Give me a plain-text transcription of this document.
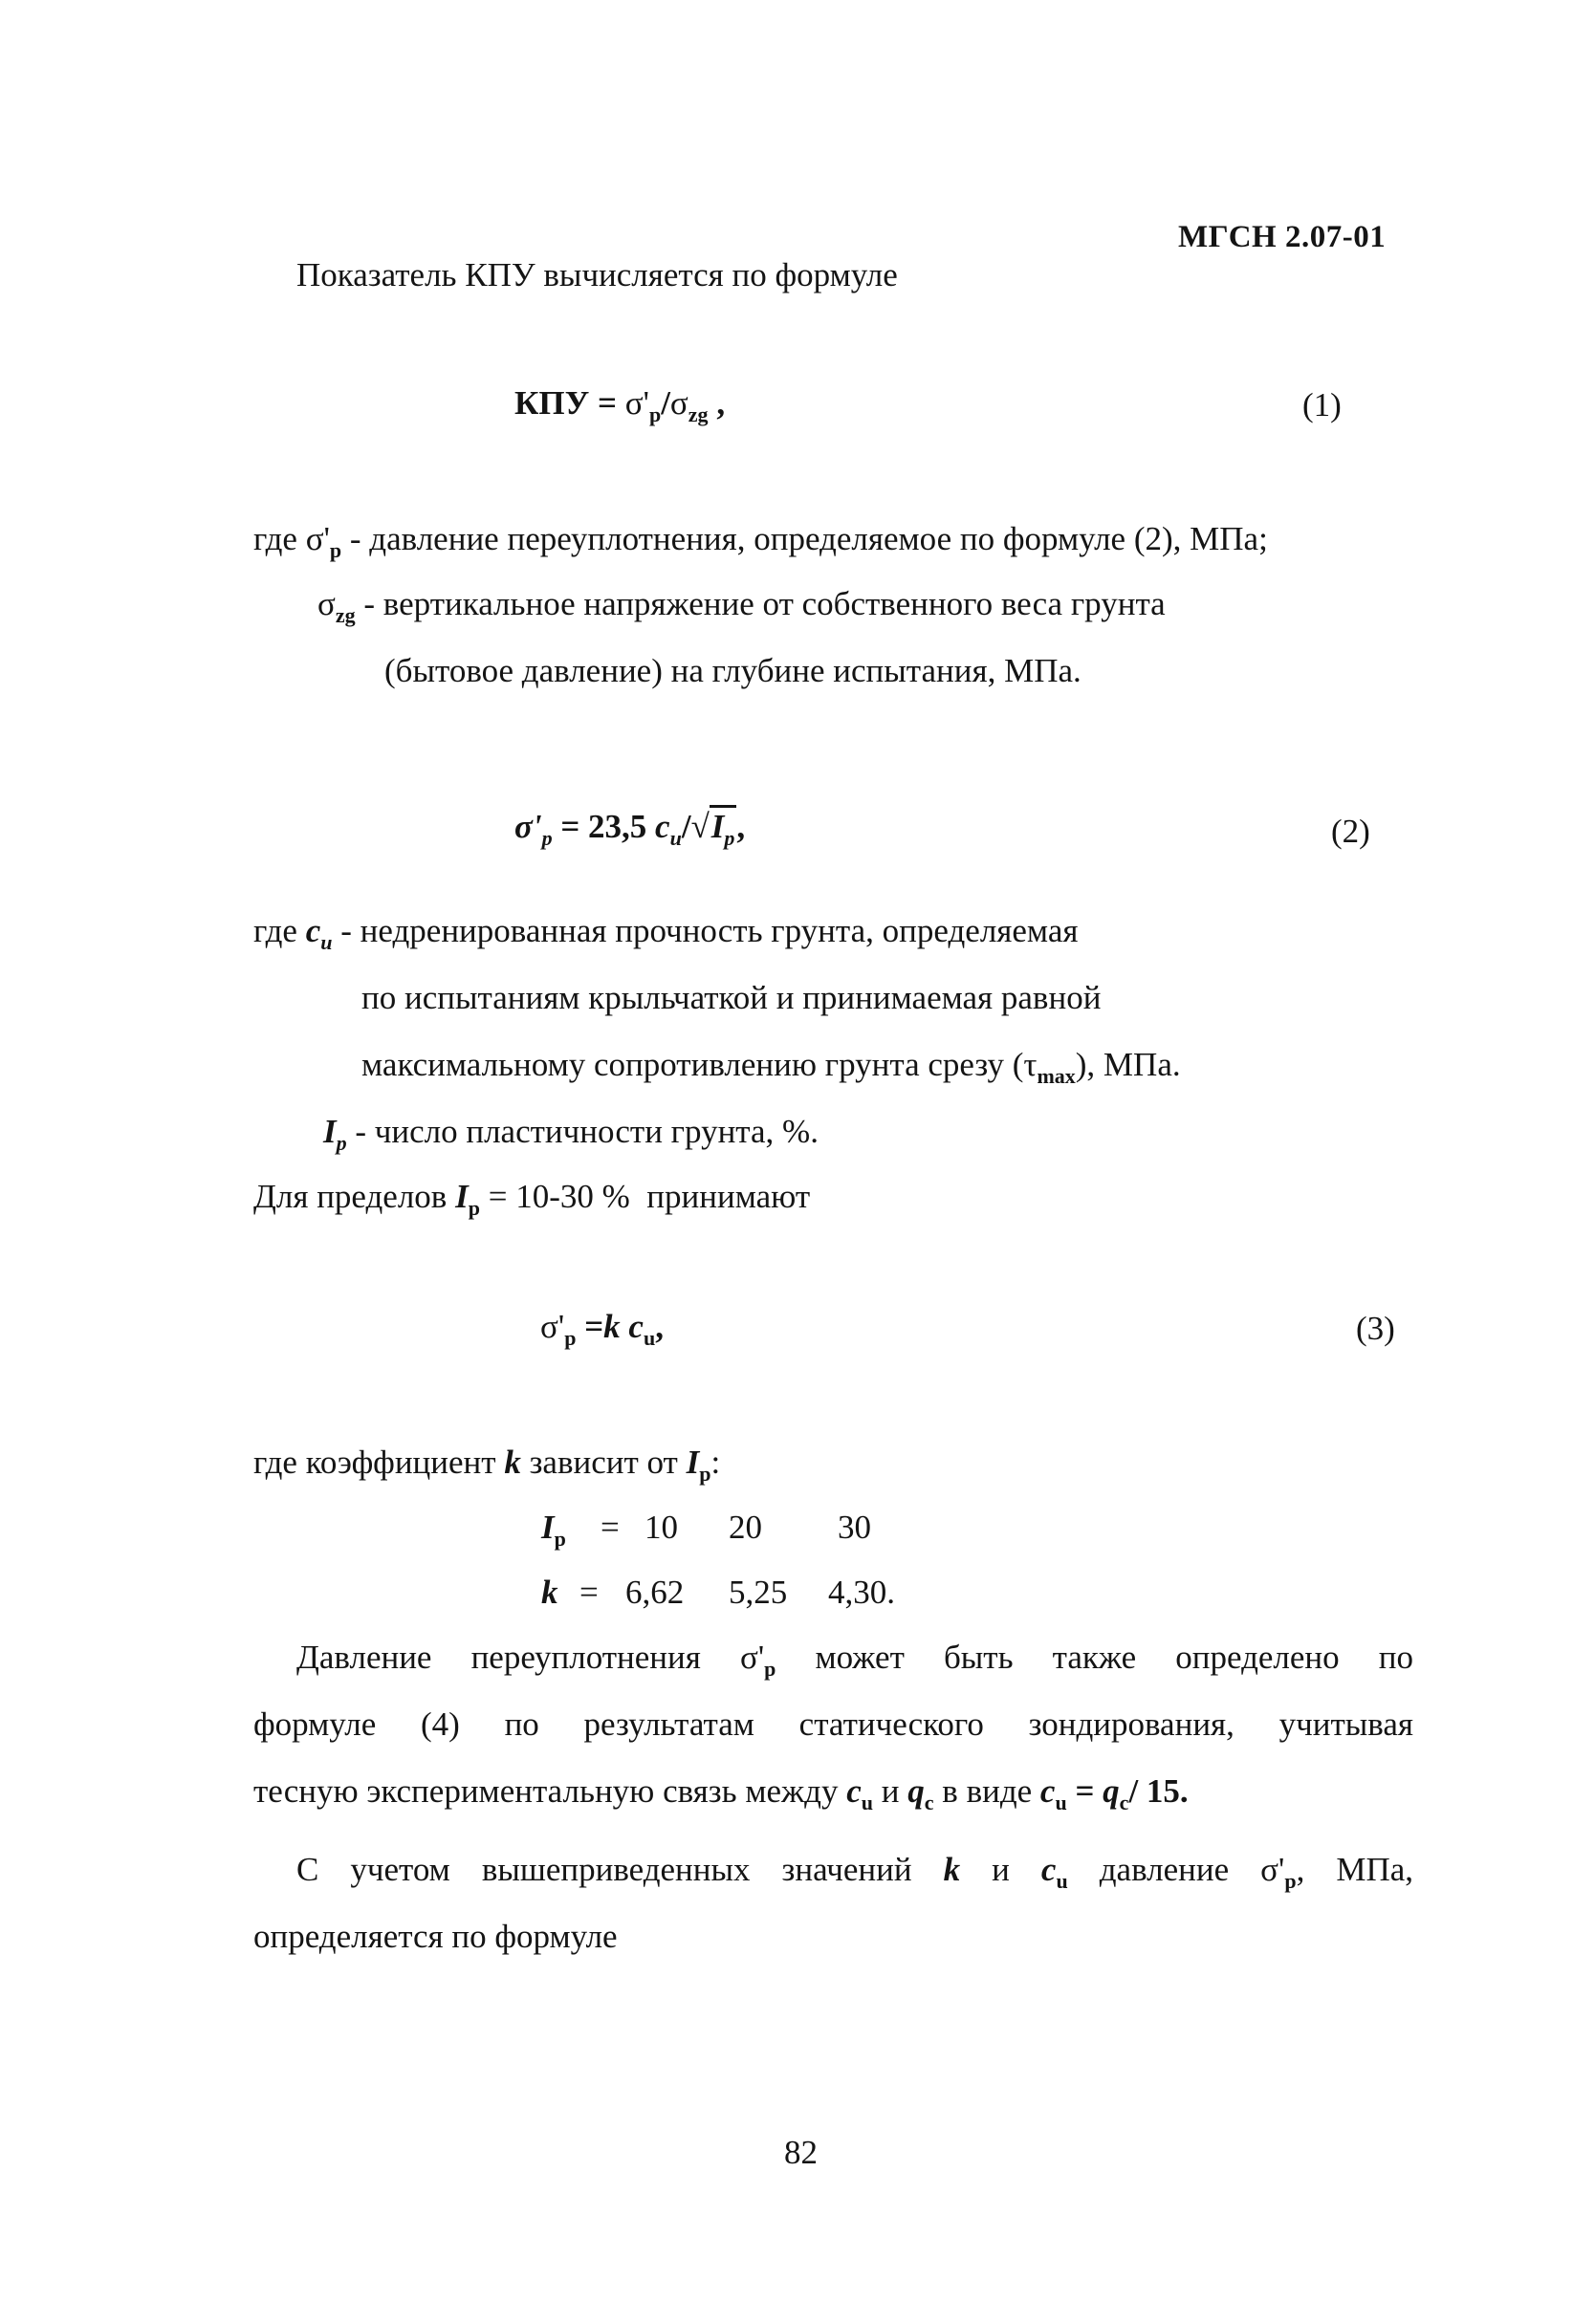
МГСН 2.07-01
Показатель КПУ вычисляется по формуле
КПУ = $\sigma'_p/\sigma_{zg}$ ,	(1)
где $\sigma'_p$ - давление переуплотнения, определяемое по формуле (2), МПа;
$\sigma_{zg}$ - вертикальное напряжение от собственного веса грунта
(бытовое давление) на глубине испытания, МПа.
$\sigma'_p = 23,5$ $c_u/√I_p$,	(2)
где $c_u$ - недренированная прочность грунта, определяемая
по испытаниям крыльчаткой и принимаемая равной
максимальному сопротивлению грунта срезу $(\tau_{max})$, МПа.
$I_p$ - число пластичности грунта, %.
Для пределов $I_p = 10-30$ % принимают
$\sigma'_p =k$ $c_u$,	(3)
где коэффициент k зависит от $I_p$:
$I_p = 10$ 20 30
k = 6,62 5,25 4,30.
Давление переуплотнения $\sigma'_p$ может быть также определено по
формуле (4) по результатам статического зондирования, учитывая
тесную экспериментальную связь между $c_u$ и $q_c$ в виде $c_u = q_c/$ 15.
С учетом вышеприведенных значений k и $c_u$ давление $\sigma'_p$, МПа,
определяется по формуле
82
